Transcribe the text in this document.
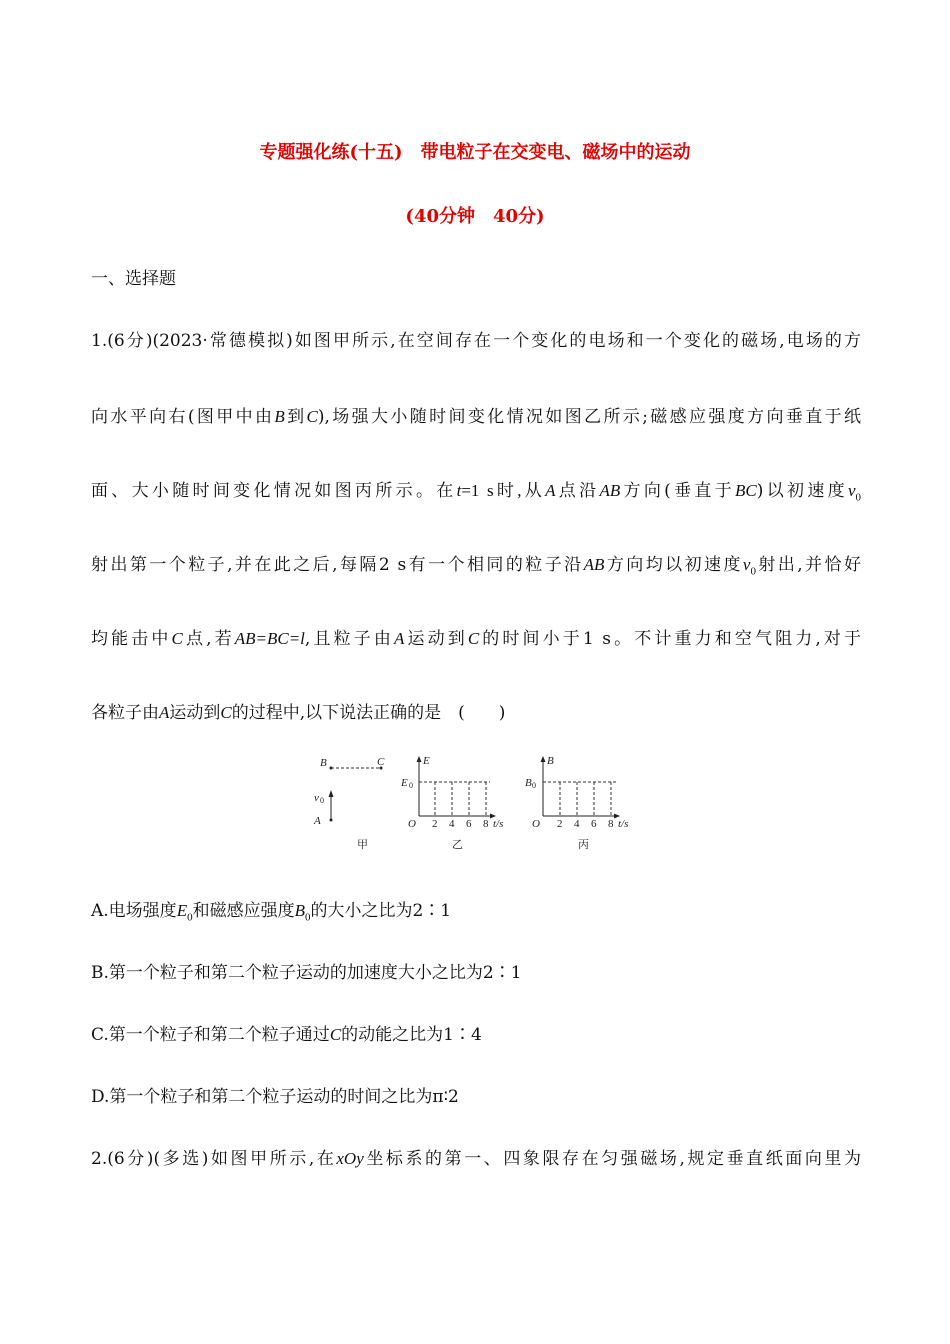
专题强化练(十五)　带电粒子在交变电、磁场中的运动
(40分钟　40分)
一、选择题
1.(6分)(2023·常德模拟)如图甲所示,在空间存在一个变化的电场和一个变化的磁场,电场的方
向水平向右(图甲中由B到C),场强大小随时间变化情况如图乙所示;磁感应强度方向垂直于纸
面、大小随时间变化情况如图丙所示。在t=1 s时,从A点沿AB方向(垂直于BC)以初速度$v_0$
射出第一个粒子,并在此之后,每隔2 s有一个相同的粒子沿AB方向均以初速度$v_0$射出,并恰好
均能击中C点,若AB=BC=l,且粒子由A运动到C的时间小于1 s。不计重力和空气阻力,对于
各粒子由A运动到C的过程中,以下说法正确的是　(　　)
B	C
v 0
A
甲
E
E 0
O 2 4 6 8 t/s
乙
B
B 0
O 2 4 6 8 t/s
丙
A.电场强度$E_0$和磁感应强度$B_0$的大小之比为2∶1
B.第一个粒子和第二个粒子运动的加速度大小之比为2∶1
C.第一个粒子和第二个粒子通过C的动能之比为1∶4
D.第一个粒子和第二个粒子运动的时间之比为π∶2
2.(6分)(多选)如图甲所示,在xOy坐标系的第一、四象限存在匀强磁场,规定垂直纸面向里为
